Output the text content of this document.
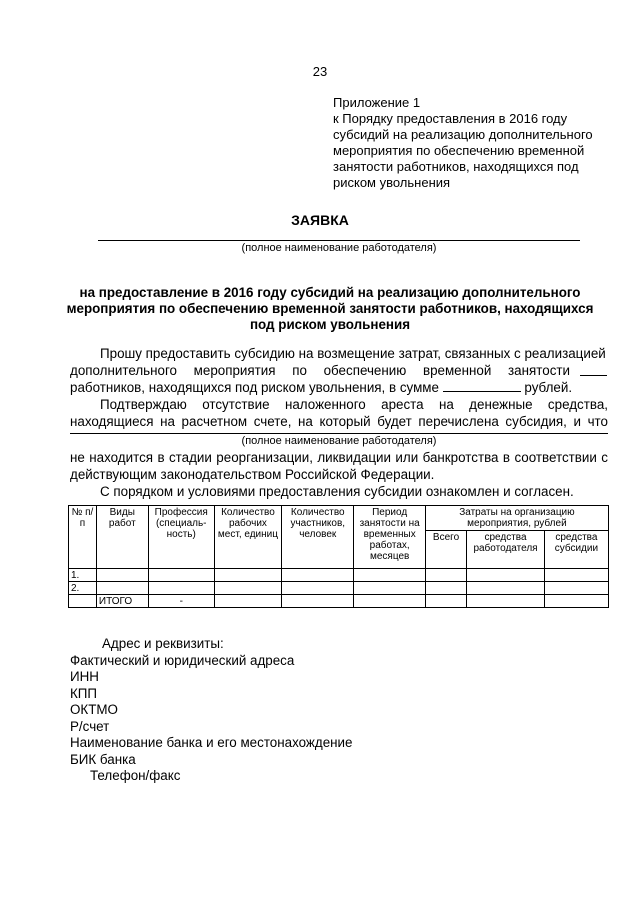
23
Приложение 1
к Порядку предоставления в 2016 году
субсидий на реализацию дополнительного
мероприятия по обеспечению временной
занятости работников, находящихся под
риском увольнения
ЗАЯВКА
(полное наименование работодателя)
на предоставление в 2016 году субсидий на реализацию дополнительного
мероприятия по обеспечению временной занятости работников, находящихся
под риском увольнения
Прошу предоставить субсидию на возмещение затрат, связанных с реализацией
дополнительного мероприятия по обеспечению временной занятости
работников, находящихся под риском увольнения, в сумме	рублей.
Подтверждаю отсутствие наложенного ареста на денежные средства,
находящиеся на расчетном счете, на который будет перечислена субсидия, и что
(полное наименование работодателя)
не находится в стадии реорганизации, ликвидации или банкротства в соответствии с
действующим законодательством Российской Федерации.
С порядком и условиями предоставления субсидии ознакомлен и согласен.
№ п/п	Виды работ	Профессия (специаль-ность)	Количество рабочих мест, единиц	Количество участников, человек	Период занятости на временных работах, месяцев	Затраты на организацию мероприятия, рублей		
						Всего	средства работодателя	средства субсидии
1.								
2.								
	ИТОГО	-						
Адрес и реквизиты:
Фактический и юридический адреса
ИНН
КПП
ОКТМО
Р/счет
Наименование банка и его местонахождение
БИК банка
Телефон/факс
